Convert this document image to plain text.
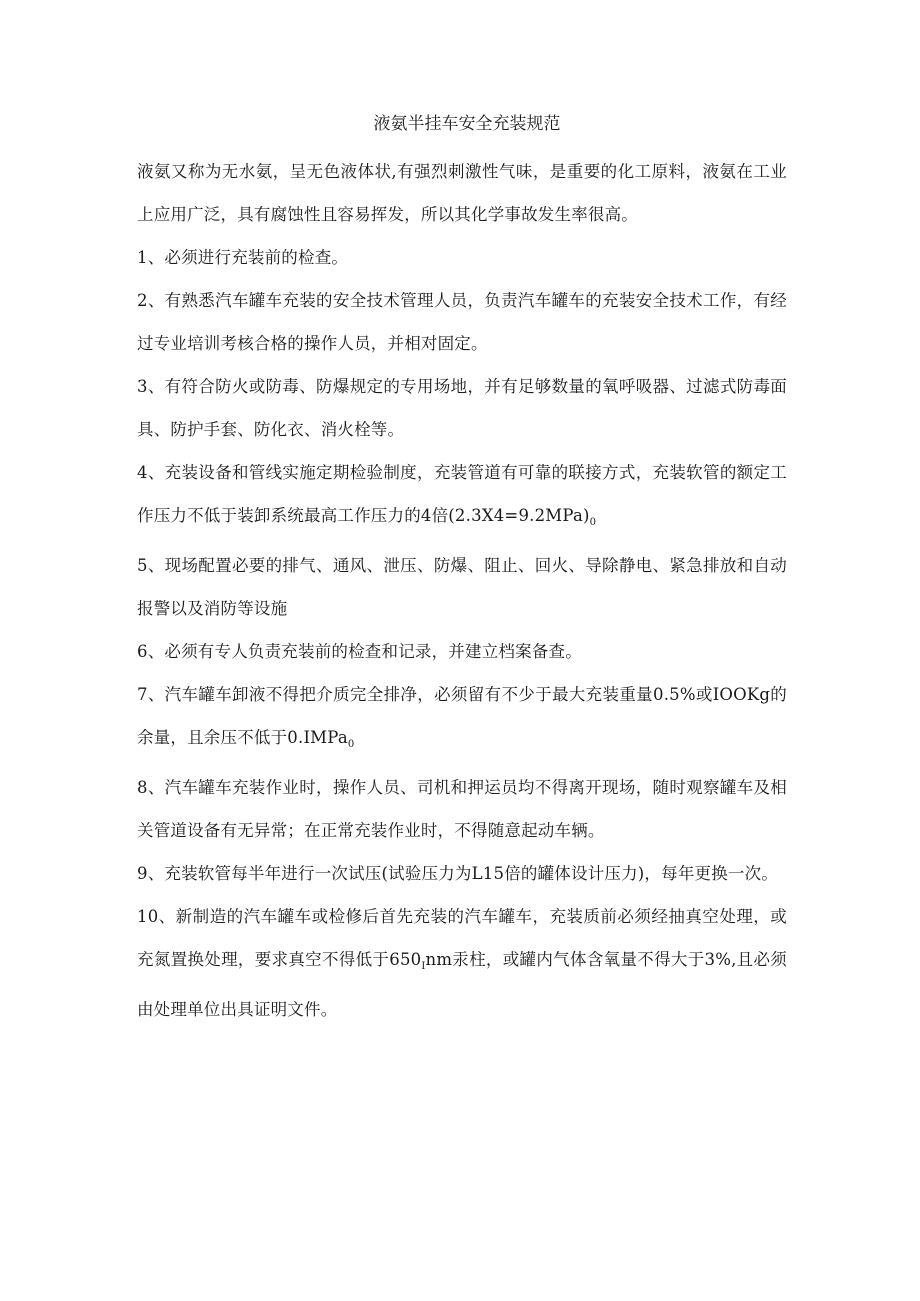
液氨半挂车安全充装规范

液氨又称为无水氨，呈无色液体状,有强烈刺激性气味，是重要的化工原料，液氨在工业上应用广泛，具有腐蚀性且容易挥发，所以其化学事故发生率很高。

1、必须进行充装前的检查。

2、有熟悉汽车罐车充装的安全技术管理人员，负责汽车罐车的充装安全技术工作，有经过专业培训考核合格的操作人员，并相对固定。

3、有符合防火或防毒、防爆规定的专用场地，并有足够数量的氧呼吸器、过滤式防毒面具、防护手套、防化衣、消火栓等。

4、充装设备和管线实施定期检验制度，充装管道有可靠的联接方式，充装软管的额定工作压力不低于装卸系统最高工作压力的4倍$(2.3X4=9.2MPa)_0$

5、现场配置必要的排气、通风、泄压、防爆、阻止、回火、导除静电、紧急排放和自动报警以及消防等设施

6、必须有专人负责充装前的检查和记录，并建立档案备查。

7、汽车罐车卸液不得把介质完全排净，必须留有不少于最大充装重量0.5%或IOOKg的余量，且余压不低于0.IMPa$_0$

8、汽车罐车充装作业时，操作人员、司机和押运员均不得离开现场，随时观察罐车及相关管道设备有无异常；在正常充装作业时，不得随意起动车辆。

9、充装软管每半年进行一次试压(试验压力为L15倍的罐体设计压力)，每年更换一次。

10、新制造的汽车罐车或检修后首先充装的汽车罐车，充装质前必须经抽真空处理，或充氮置换处理，要求真空不得低于$650_Inm$汞柱，或罐内气体含氧量不得大于3%,且必须由处理单位出具证明文件。
